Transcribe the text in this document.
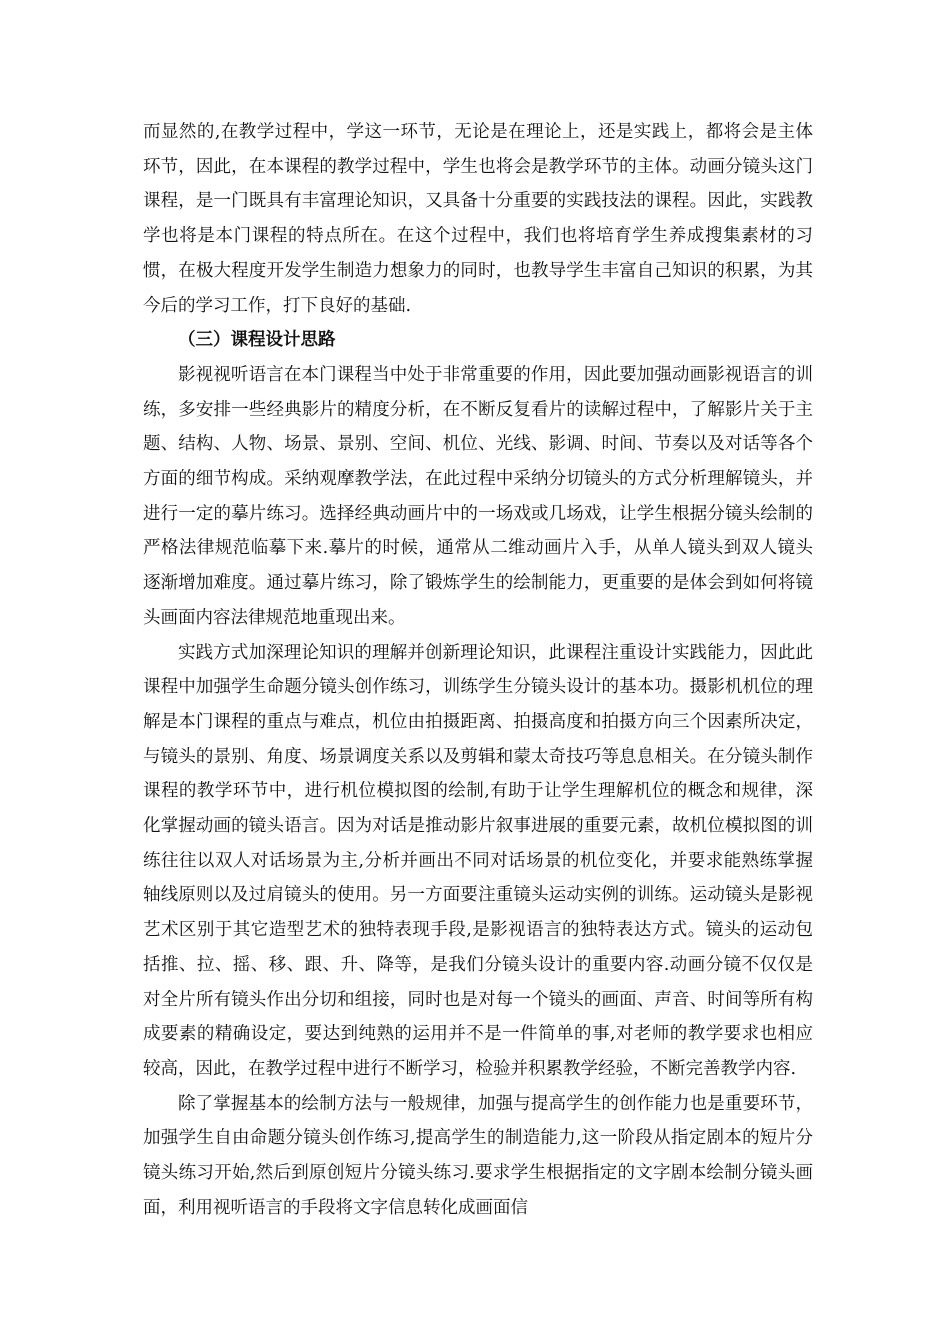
而显然的,在教学过程中，学这一环节，无论是在理论上，还是实践上，都将会是主体环节，因此，在本课程的教学过程中，学生也将会是教学环节的主体。动画分镜头这门课程，是一门既具有丰富理论知识，又具备十分重要的实践技法的课程。因此，实践教学也将是本门课程的特点所在。在这个过程中，我们也将培育学生养成搜集素材的习惯，在极大程度开发学生制造力想象力的同时，也教导学生丰富自己知识的积累，为其今后的学习工作，打下良好的基础.

（三）课程设计思路

影视视听语言在本门课程当中处于非常重要的作用，因此要加强动画影视语言的训练，多安排一些经典影片的精度分析，在不断反复看片的读解过程中，了解影片关于主题、结构、人物、场景、景别、空间、机位、光线、影调、时间、节奏以及对话等各个方面的细节构成。采纳观摩教学法，在此过程中采纳分切镜头的方式分析理解镜头，并进行一定的摹片练习。选择经典动画片中的一场戏或几场戏，让学生根据分镜头绘制的严格法律规范临摹下来.摹片的时候，通常从二维动画片入手，从单人镜头到双人镜头逐渐增加难度。通过摹片练习，除了锻炼学生的绘制能力，更重要的是体会到如何将镜头画面内容法律规范地重现出来。

实践方式加深理论知识的理解并创新理论知识，此课程注重设计实践能力，因此此课程中加强学生命题分镜头创作练习，训练学生分镜头设计的基本功。摄影机机位的理解是本门课程的重点与难点，机位由拍摄距离、拍摄高度和拍摄方向三个因素所决定，与镜头的景别、角度、场景调度关系以及剪辑和蒙太奇技巧等息息相关。在分镜头制作课程的教学环节中，进行机位模拟图的绘制,有助于让学生理解机位的概念和规律，深化掌握动画的镜头语言。因为对话是推动影片叙事进展的重要元素，故机位模拟图的训练往往以双人对话场景为主,分析并画出不同对话场景的机位变化，并要求能熟练掌握轴线原则以及过肩镜头的使用。另一方面要注重镜头运动实例的训练。运动镜头是影视艺术区别于其它造型艺术的独特表现手段,是影视语言的独特表达方式。镜头的运动包括推、拉、摇、移、跟、升、降等，是我们分镜头设计的重要内容.动画分镜不仅仅是对全片所有镜头作出分切和组接，同时也是对每一个镜头的画面、声音、时间等所有构成要素的精确设定，要达到纯熟的运用并不是一件简单的事,对老师的教学要求也相应较高，因此，在教学过程中进行不断学习，检验并积累教学经验，不断完善教学内容.

除了掌握基本的绘制方法与一般规律，加强与提高学生的创作能力也是重要环节，加强学生自由命题分镜头创作练习,提高学生的制造能力,这一阶段从指定剧本的短片分镜头练习开始,然后到原创短片分镜头练习.要求学生根据指定的文字剧本绘制分镜头画面，利用视听语言的手段将文字信息转化成画面信
